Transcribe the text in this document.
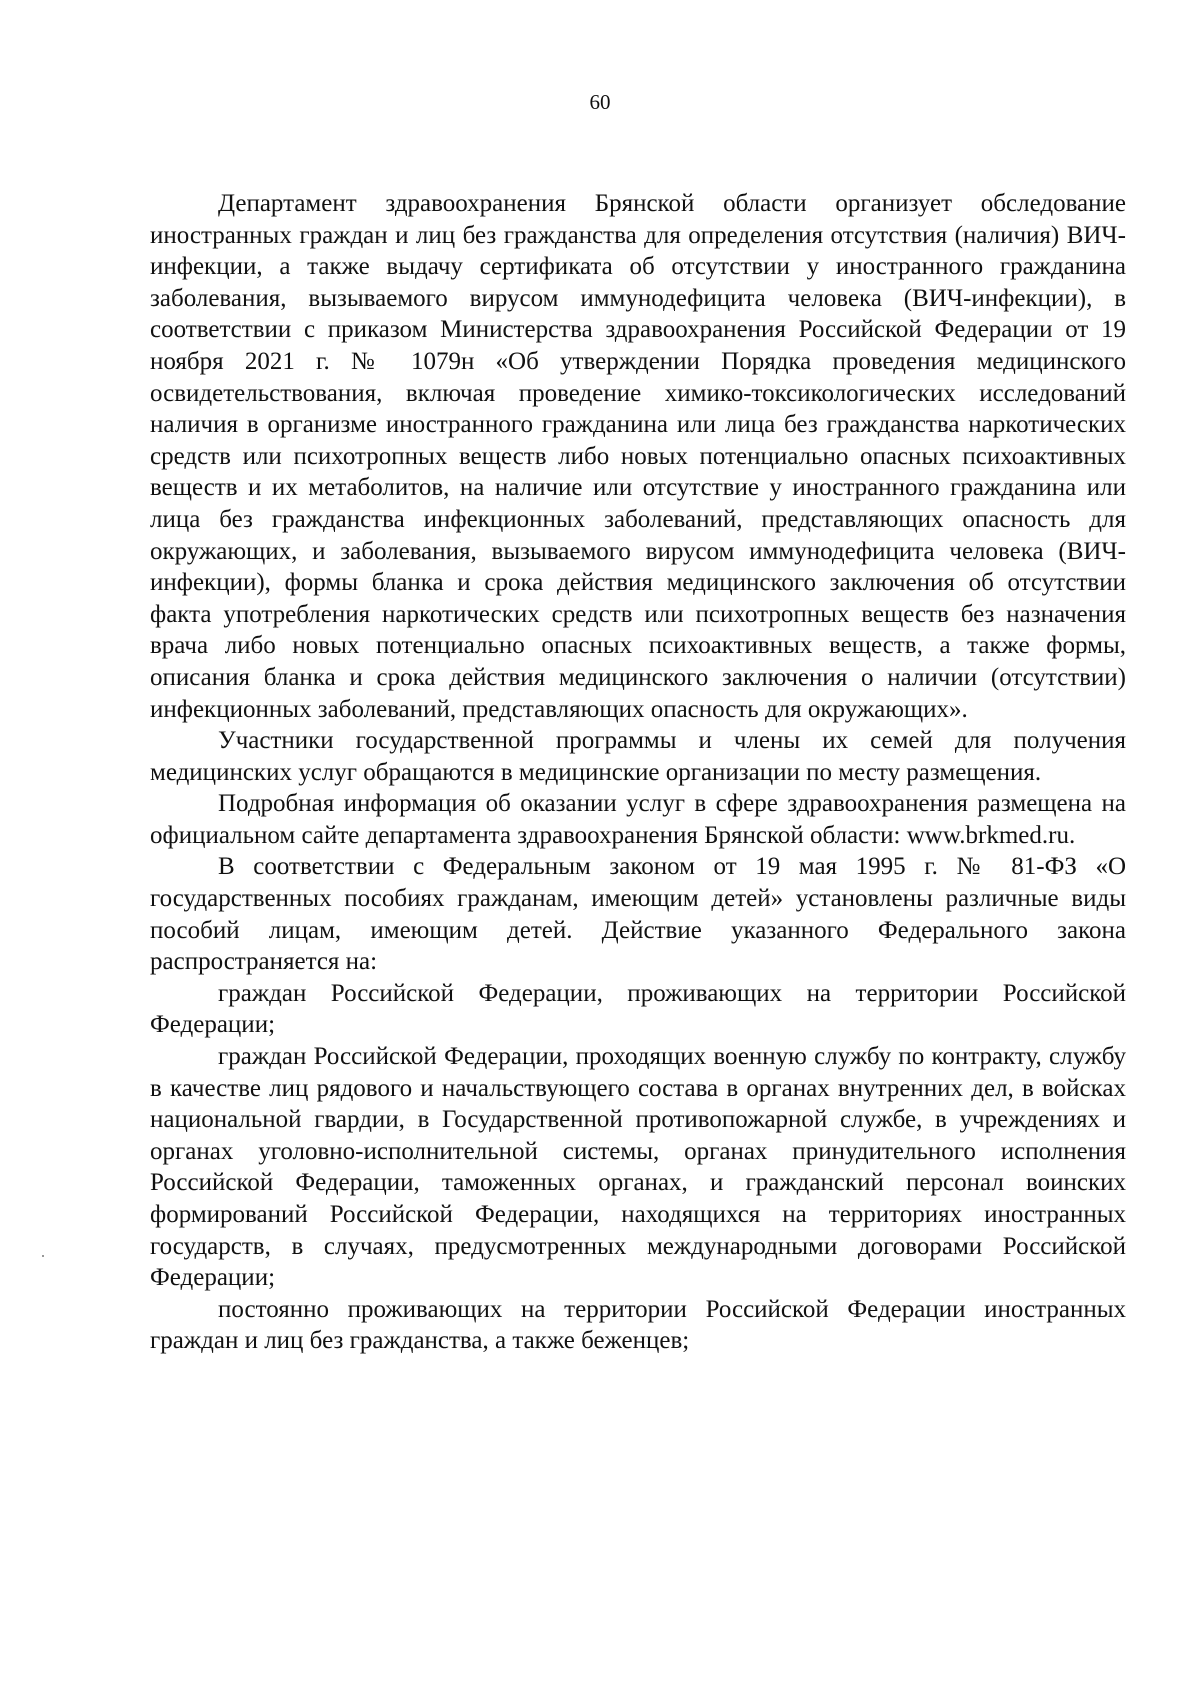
60

Департамент здравоохранения Брянской области организует обследование иностранных граждан и лиц без гражданства для определения отсутствия (наличия) ВИЧ-инфекции, а также выдачу сертификата об отсутствии у иностранного гражданина заболевания, вызываемого вирусом иммунодефицита человека (ВИЧ-инфекции), в соответствии с приказом Министерства здравоохранения Российской Федерации от 19 ноября 2021 г. № 1079н «Об утверждении Порядка проведения медицинского освидетельствования, включая проведение химико-токсикологических исследований наличия в организме иностранного гражданина или лица без гражданства наркотических средств или психотропных веществ либо новых потенциально опасных психоактивных веществ и их метаболитов, на наличие или отсутствие у иностранного гражданина или лица без гражданства инфекционных заболеваний, представляющих опасность для окружающих, и заболевания, вызываемого вирусом иммунодефицита человека (ВИЧ-инфекции), формы бланка и срока действия медицинского заключения об отсутствии факта употребления наркотических средств или психотропных веществ без назначения врача либо новых потенциально опасных психоактивных веществ, а также формы, описания бланка и срока действия медицинского заключения о наличии (отсутствии) инфекционных заболеваний, представляющих опасность для окружающих».

Участники государственной программы и члены их семей для получения медицинских услуг обращаются в медицинские организации по месту размещения.

Подробная информация об оказании услуг в сфере здравоохранения размещена на официальном сайте департамента здравоохранения Брянской области: www.brkmed.ru.

В соответствии с Федеральным законом от 19 мая 1995 г. № 81-ФЗ «О государственных пособиях гражданам, имеющим детей» установлены различные виды пособий лицам, имеющим детей. Действие указанного Федерального закона распространяется на:

граждан Российской Федерации, проживающих на территории Российской Федерации;

граждан Российской Федерации, проходящих военную службу по контракту, службу в качестве лиц рядового и начальствующего состава в органах внутренних дел, в войсках национальной гвардии, в Государственной противопожарной службе, в учреждениях и органах уголовно-исполнительной системы, органах принудительного исполнения Российской Федерации, таможенных органах, и гражданский персонал воинских формирований Российской Федерации, находящихся на территориях иностранных государств, в случаях, предусмотренных международными договорами Российской Федерации;

постоянно проживающих на территории Российской Федерации иностранных граждан и лиц без гражданства, а также беженцев;
